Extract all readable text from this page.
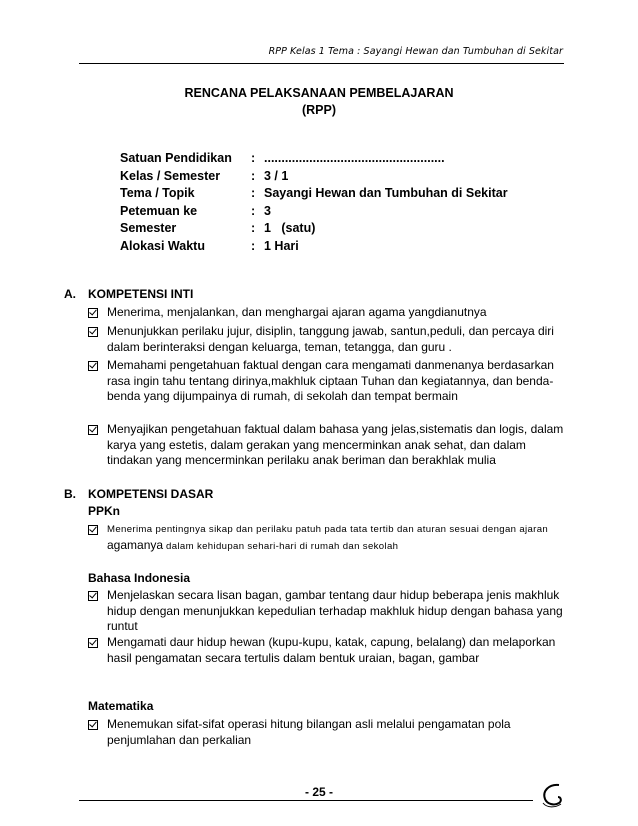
RPP Kelas 1 Tema : Sayangi Hewan dan Tumbuhan di Sekitar
RENCANA PELAKSANAAN PEMBELAJARAN
(RPP)
Satuan Pendidikan : ....................................................
Kelas / Semester : 3 / 1
Tema / Topik	: Sayangi Hewan dan Tumbuhan di Sekitar
Petemuan ke	: 3
Semester	: 1   (satu)
Alokasi Waktu	: 1 Hari
A. KOMPETENSI INTI
Menerima, menjalankan, dan menghargai ajaran agama yangdianutnya
Menunjukkan perilaku jujur, disiplin, tanggung jawab, santun,peduli, dan percaya diri dalam berinteraksi dengan keluarga, teman, tetangga, dan guru .
Memahami pengetahuan faktual dengan cara mengamati danmenanya berdasarkan rasa ingin tahu tentang dirinya,makhluk ciptaan Tuhan dan kegiatannya, dan benda-benda yang dijumpainya di rumah, di sekolah dan tempat bermain
Menyajikan pengetahuan faktual dalam bahasa yang jelas,sistematis dan logis, dalam karya yang estetis, dalam gerakan yang mencerminkan anak sehat, dan dalam tindakan yang mencerminkan perilaku anak beriman dan berakhlak mulia
B. KOMPETENSI DASAR
PPKn
Menerima pentingnya sikap dan perilaku patuh pada tata tertib dan aturan sesuai dengan ajaran agamanya dalam kehidupan sehari-hari di rumah dan sekolah
Bahasa Indonesia
Menjelaskan secara lisan bagan, gambar tentang daur hidup beberapa jenis makhluk hidup dengan menunjukkan kepedulian terhadap makhluk hidup dengan bahasa yang runtut
Mengamati daur hidup hewan (kupu-kupu, katak, capung, belalang) dan melaporkan hasil pengamatan secara tertulis dalam bentuk uraian, bagan, gambar
Matematika
Menemukan sifat-sifat operasi hitung bilangan asli melalui pengamatan pola penjumlahan dan perkalian
- 25 -
